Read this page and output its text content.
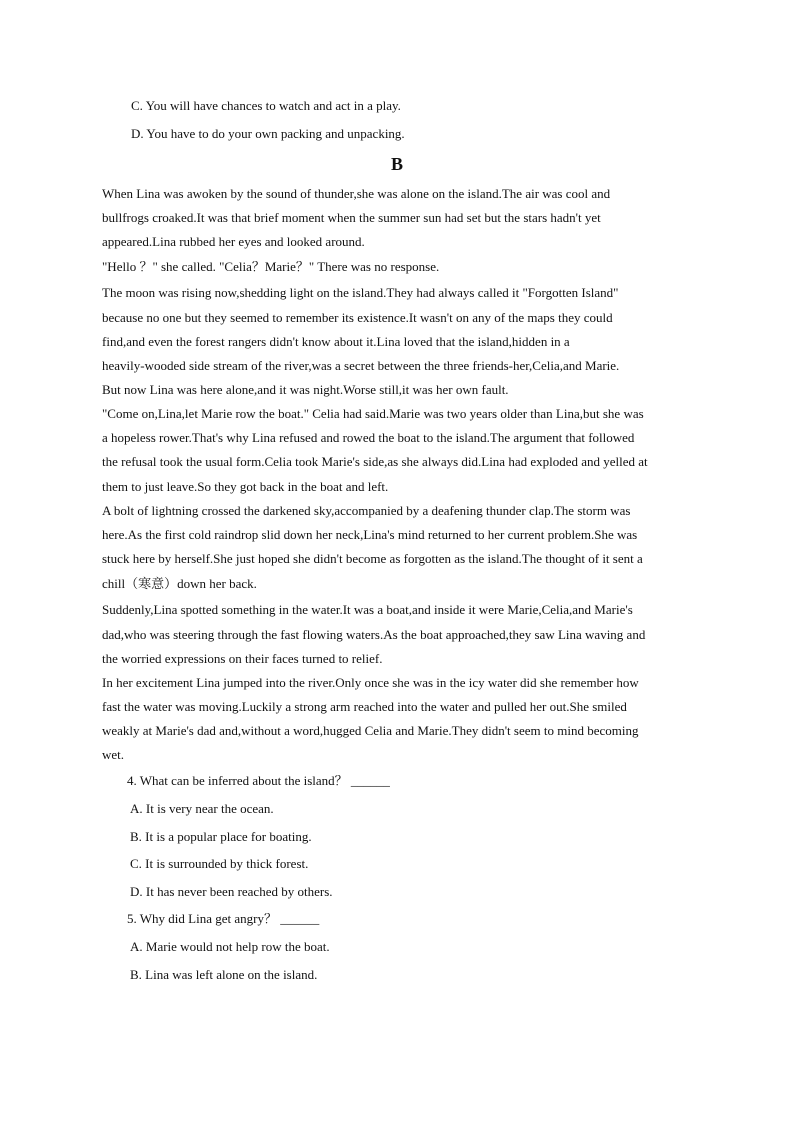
C. You will have chances to watch and act in a play.
D. You have to do your own packing and unpacking.
B
When Lina was awoken by the sound of thunder,she was alone on the island.The air was cool and
bullfrogs croaked.It was that brief moment when the summer sun had set but the stars hadn't yet
appeared.Lina rubbed her eyes and looked around.
"Hello ？" she called. "Celia？Marie？" There was no response.
The moon was rising now,shedding light on the island.They had always called it "Forgotten Island"
because no one but they seemed to remember its existence.It wasn't on any of the maps they could
find,and even the forest rangers didn't know about it.Lina loved that the island,hidden in a
heavily-wooded side stream of the river,was a secret between the three friends-her,Celia,and Marie.
But now Lina was here alone,and it was night.Worse still,it was her own fault.
"Come on,Lina,let Marie row the boat." Celia had said.Marie was two years older than Lina,but she was
a hopeless rower.That's why Lina refused and rowed the boat to the island.The argument that followed
the refusal took the usual form.Celia took Marie's side,as she always did.Lina had exploded and yelled at
them to just leave.So they got back in the boat and left.
A bolt of lightning crossed the darkened sky,accompanied by a deafening thunder clap.The storm was
here.As the first cold raindrop slid down her neck,Lina's mind returned to her current problem.She was
stuck here by herself.She just hoped she didn't become as forgotten as the island.The thought of it sent a
chill（寒意）down her back.
Suddenly,Lina spotted something in the water.It was a boat,and inside it were Marie,Celia,and Marie's
dad,who was steering through the fast flowing waters.As the boat approached,they saw Lina waving and
the worried expressions on their faces turned to relief.
In her excitement Lina jumped into the river.Only once she was in the icy water did she remember how
fast the water was moving.Luckily a strong arm reached into the water and pulled her out.She smiled
weakly at Marie's dad and,without a word,hugged Celia and Marie.They didn't seem to mind becoming
wet.
4. What can be inferred about the island？ ______
A. It is very near the ocean.
B. It is a popular place for boating.
C. It is surrounded by thick forest.
D. It has never been reached by others.
5. Why did Lina get angry？ ______
A. Marie would not help row the boat.
B. Lina was left alone on the island.
